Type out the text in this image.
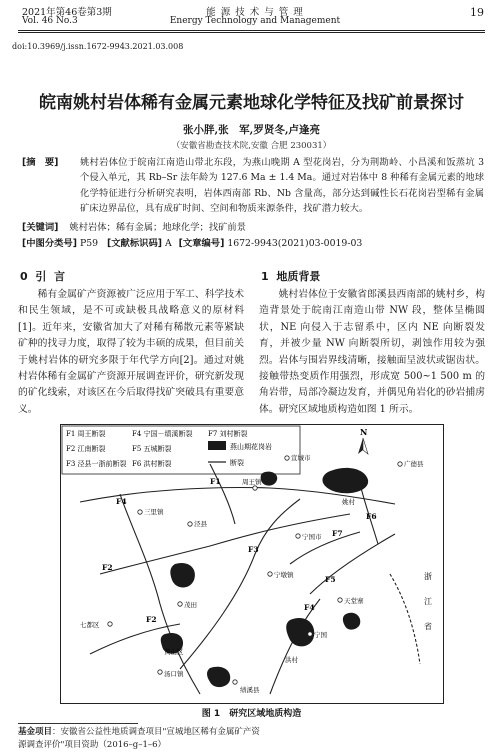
2021年第46卷第3期
Vol. 46 No.3
能 源 技 术 与 管 理
Energy Technology and Management
19
doi:10.3969/j.issn.1672-9943.2021.03.008
皖南姚村岩体稀有金属元素地球化学特征及找矿前景探讨
张小胖,张　军,罗贤冬,卢逢亮
（安徽省勘查技术院,安徽 合肥 230031）
[摘　要] 姚村岩体位于皖南江南造山带北东段，为燕山晚期 A 型花岗岩，分为荆勘岭、小昌溪和饭蒸坑 3 个侵入单元，其 Rb–Sr 法年龄为 127.6 Ma ± 1.4 Ma。通过对岩体中 8 种稀有金属元素的地球化学特征进行分析研究表明，岩体西南部 Rb、Nb 含量高，部分达到碱性长石花岗岩型稀有金属矿床边界品位，具有成矿时间、空间和物质来源条件，找矿潜力较大。
[关键词] 姚村岩体；稀有金属；地球化学；找矿前景
[中图分类号] P59 [文献标识码] A [文章编号] 1672-9943(2021)03-0019-03
0  引  言
稀有金属矿产资源被广泛应用于军工、科学技术和民生领域，是不可或缺极具战略意义的原材料[1]。近年来，安徽省加大了对稀有稀散元素等紧缺矿种的找寻力度，取得了较为丰硕的成果，但目前关于姚村岩体的研究多限于年代学方向[2]。通过对姚村岩体稀有金属矿产资源开展调查评价，研究新发现的矿化线索，对该区在今后取得找矿突破具有重要意义。
1  地质背景
姚村岩体位于安徽省郎溪县西南部的姚村乡，构造背景处于皖南江南造山带 NW 段，整体呈椭圆状，NE 向侵入于志留系中，区内 NE 向断裂发育，并被少量 NW 向断裂所切，剥蚀作用较为强烈。岩体与围岩界线清晰，接触面呈波状或锯齿状。接触带热变质作用强烈，形成宽 500~1 500 m 的角岩带，局部冷凝边发育，并偶见角岩化的砂岩捕虏体。研究区域地质构造如图 1 所示。
F1 周王断裂
F2 江南断裂
F3 泾县一浙前断裂
F4 宁国－绩溪断裂
F5 五城断裂
F6 洪村断裂
F7 刘村断裂
燕山期花岗岩
断裂
N
宣城市
广德县
姚村
周王镇
三里镇
泾县
宁国市
宁墩镇
茂田	天堂寨
七都区
黄山区
宁国
洪村
汤口镇
绩溪县
浙
江
省
F1
F2
F3
F4
F5
F6
F7
F4
F2
图 1　研究区域地质构造
基金项目：安徽省公益性地质调查项目"宣城地区稀有金属矿产资源调查评价"项目资助（2016–g–1–6）
